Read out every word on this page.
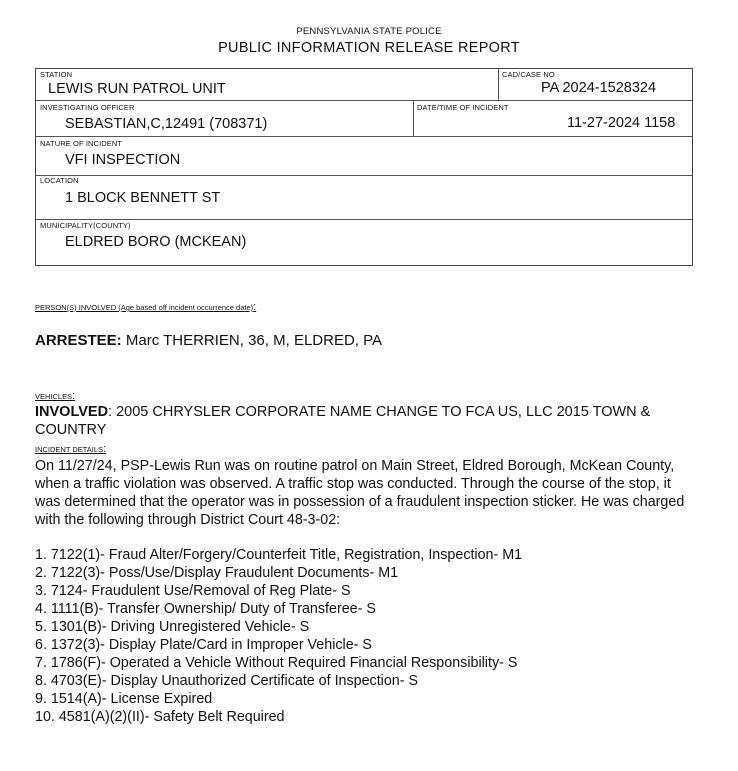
PENNSYLVANIA STATE POLICE
PUBLIC INFORMATION RELEASE REPORT
STATION
LEWIS RUN PATROL UNIT
CAD/CASE NO
PA 2024-1528324
INVESTIGATING OFFICER
SEBASTIAN,C,12491 (708371)
DATE/TIME OF INCIDENT
11-27-2024 1158
NATURE OF INCIDENT
VFI INSPECTION
LOCATION
1 BLOCK BENNETT ST
MUNICIPALITY(COUNTY)
ELDRED BORO (MCKEAN)
PERSON(S) INVOLVED (Age based off incident occurrence date):
ARRESTEE: Marc THERRIEN, 36, M, ELDRED, PA
VEHICLES:
INVOLVED: 2005 CHRYSLER CORPORATE NAME CHANGE TO FCA US, LLC 2015 TOWN & COUNTRY
INCIDENT DETAILS:
On 11/27/24, PSP-Lewis Run was on routine patrol on Main Street, Eldred Borough, McKean County, when a traffic violation was observed. A traffic stop was conducted. Through the course of the stop, it was determined that the operator was in possession of a fraudulent inspection sticker. He was charged with the following through District Court 48-3-02:
1. 7122(1)- Fraud Alter/Forgery/Counterfeit Title, Registration, Inspection- M1
2. 7122(3)- Poss/Use/Display Fraudulent Documents- M1
3. 7124- Fraudulent Use/Removal of Reg Plate- S
4. 1111(B)- Transfer Ownership/ Duty of Transferee- S
5. 1301(B)- Driving Unregistered Vehicle- S
6. 1372(3)- Display Plate/Card in Improper Vehicle- S
7. 1786(F)- Operated a Vehicle Without Required Financial Responsibility- S
8. 4703(E)- Display Unauthorized Certificate of Inspection- S
9. 1514(A)- License Expired
10. 4581(A)(2)(II)- Safety Belt Required
